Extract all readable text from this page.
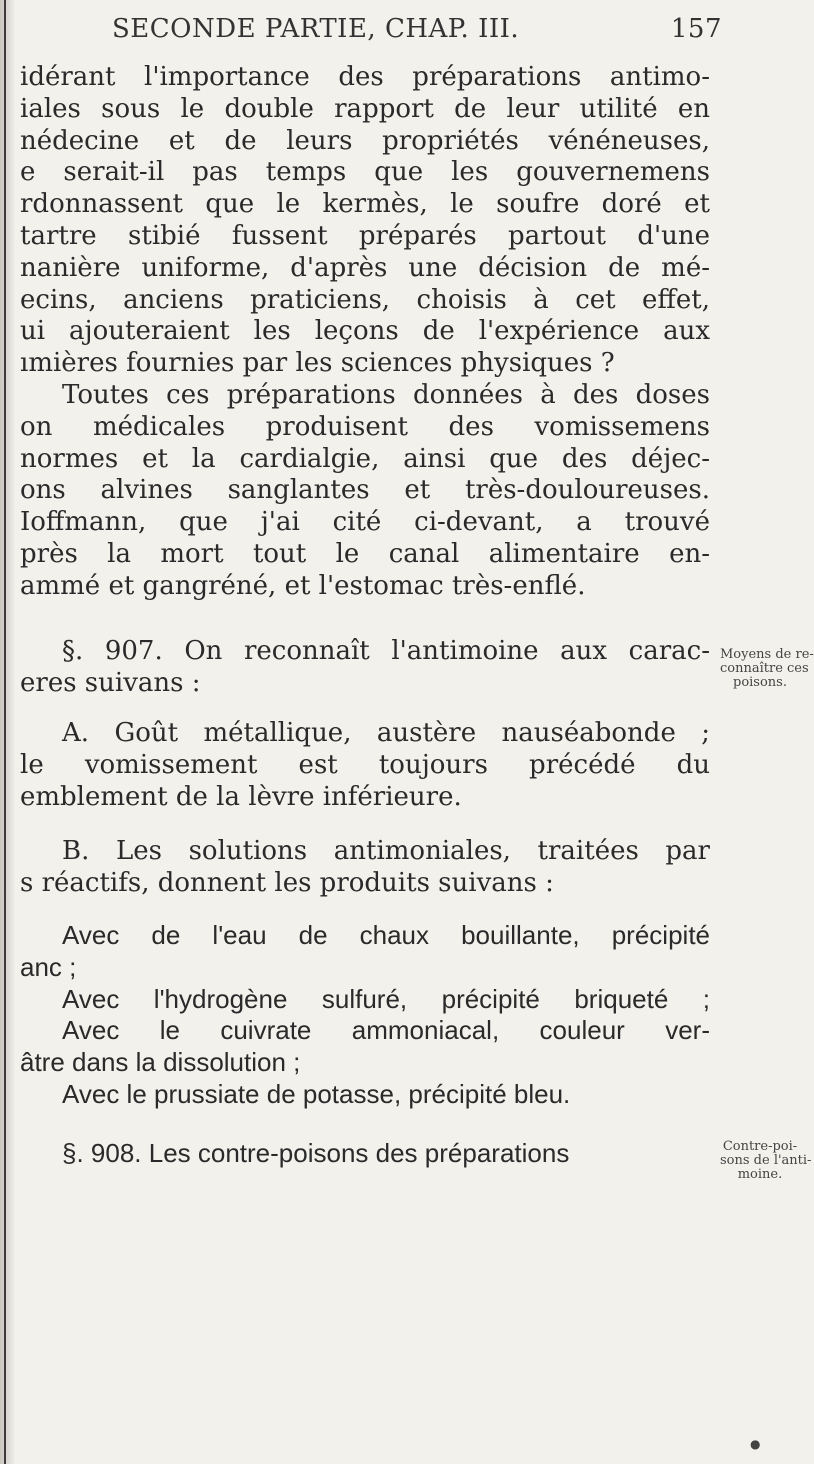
SECONDE PARTIE, CHAP. III.	157
idérant l'importance des préparations antimo-
iales sous le double rapport de leur utilité en
nédecine et de leurs propriétés vénéneuses,
e serait-il pas temps que les gouvernemens
rdonnassent que le kermès, le soufre doré et
tartre stibié fussent préparés partout d'une
nanière uniforme, d'après une décision de mé-
ecins, anciens praticiens, choisis à cet effet,
ui ajouteraient les leçons de l'expérience aux
ımières fournies par les sciences physiques ?
Toutes ces préparations données à des doses
on médicales produisent des vomissemens
normes et la cardialgie, ainsi que des déjec-
ons alvines sanglantes et très-douloureuses.
Ioffmann, que j'ai cité ci-devant, a trouvé
près la mort tout le canal alimentaire en-
ammé et gangréné, et l'estomac très-enflé.
§. 907. On reconnaît l'antimoine aux carac-
eres suivans :
Moyens de re-
connaître ces
poisons.
A. Goût métallique, austère nauséabonde ;
le vomissement est toujours précédé du
emblement de la lèvre inférieure.
B. Les solutions antimoniales, traitées par
s réactifs, donnent les produits suivans :
Avec de l'eau de chaux bouillante, précipité
anc ;
Avec l'hydrogène sulfuré, précipité briqueté ;
Avec le cuivrate ammoniacal, couleur ver-
âtre dans la dissolution ;
Avec le prussiate de potasse, précipité bleu.
§. 908. Les contre-poisons des préparations	Contre-poi-
sons de l'anti-
moine.
●
